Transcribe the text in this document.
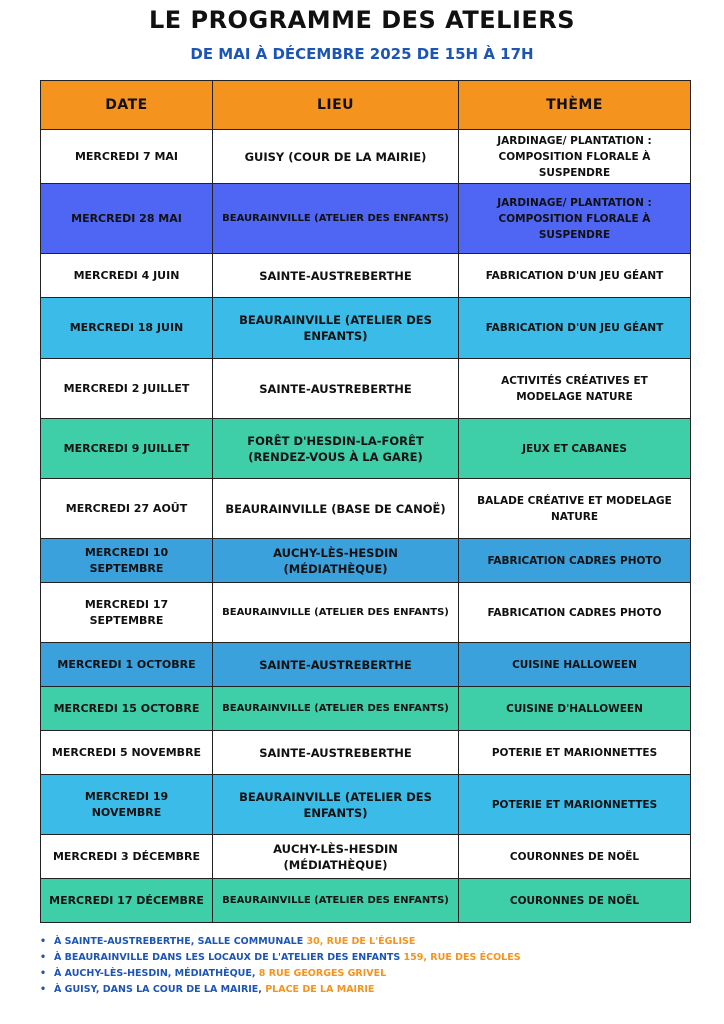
LE PROGRAMME DES ATELIERS
DE MAI À DÉCEMBRE 2025 DE 15H À 17H
DATE	LIEU	THÈME
MERCREDI 7 MAI	GUISY (COUR DE LA MAIRIE)	JARDINAGE/ PLANTATION : COMPOSITION FLORALE À SUSPENDRE
MERCREDI 28 MAI	BEAURAINVILLE (ATELIER DES ENFANTS)	JARDINAGE/ PLANTATION : COMPOSITION FLORALE À SUSPENDRE
MERCREDI 4 JUIN	SAINTE-AUSTREBERTHE	FABRICATION D'UN JEU GÉANT
MERCREDI 18 JUIN	BEAURAINVILLE (ATELIER DES ENFANTS)	FABRICATION D'UN JEU GÉANT
MERCREDI 2 JUILLET	SAINTE-AUSTREBERTHE	ACTIVITÉS CRÉATIVES ET MODELAGE NATURE
MERCREDI 9 JUILLET	FORÊT D'HESDIN-LA-FORÊT (RENDEZ-VOUS À LA GARE)	JEUX ET CABANES
MERCREDI 27 AOÛT	BEAURAINVILLE (BASE DE CANOË)	BALADE CRÉATIVE ET MODELAGE NATURE
MERCREDI 10 SEPTEMBRE	AUCHY-LÈS-HESDIN (MÉDIATHÈQUE)	FABRICATION CADRES PHOTO
MERCREDI 17 SEPTEMBRE	BEAURAINVILLE (ATELIER DES ENFANTS)	FABRICATION CADRES PHOTO
MERCREDI 1 OCTOBRE	SAINTE-AUSTREBERTHE	CUISINE HALLOWEEN
MERCREDI 15 OCTOBRE	BEAURAINVILLE (ATELIER DES ENFANTS)	CUISINE D'HALLOWEEN
MERCREDI 5 NOVEMBRE	SAINTE-AUSTREBERTHE	POTERIE ET MARIONNETTES
MERCREDI 19 NOVEMBRE	BEAURAINVILLE (ATELIER DES ENFANTS)	POTERIE ET MARIONNETTES
MERCREDI 3 DÉCEMBRE	AUCHY-LÈS-HESDIN (MÉDIATHÈQUE)	COURONNES DE NOËL
MERCREDI 17 DÉCEMBRE	BEAURAINVILLE (ATELIER DES ENFANTS)	COURONNES DE NOËL
• À SAINTE-AUSTREBERTHE, SALLE COMMUNALE 30, RUE DE L'ÉGLISE
• À BEAURAINVILLE DANS LES LOCAUX DE L'ATELIER DES ENFANTS 159, RUE DES ÉCOLES
• À AUCHY-LÈS-HESDIN, MÉDIATHÈQUE, 8 RUE GEORGES GRIVEL
• À GUISY, DANS LA COUR DE LA MAIRIE, PLACE DE LA MAIRIE
